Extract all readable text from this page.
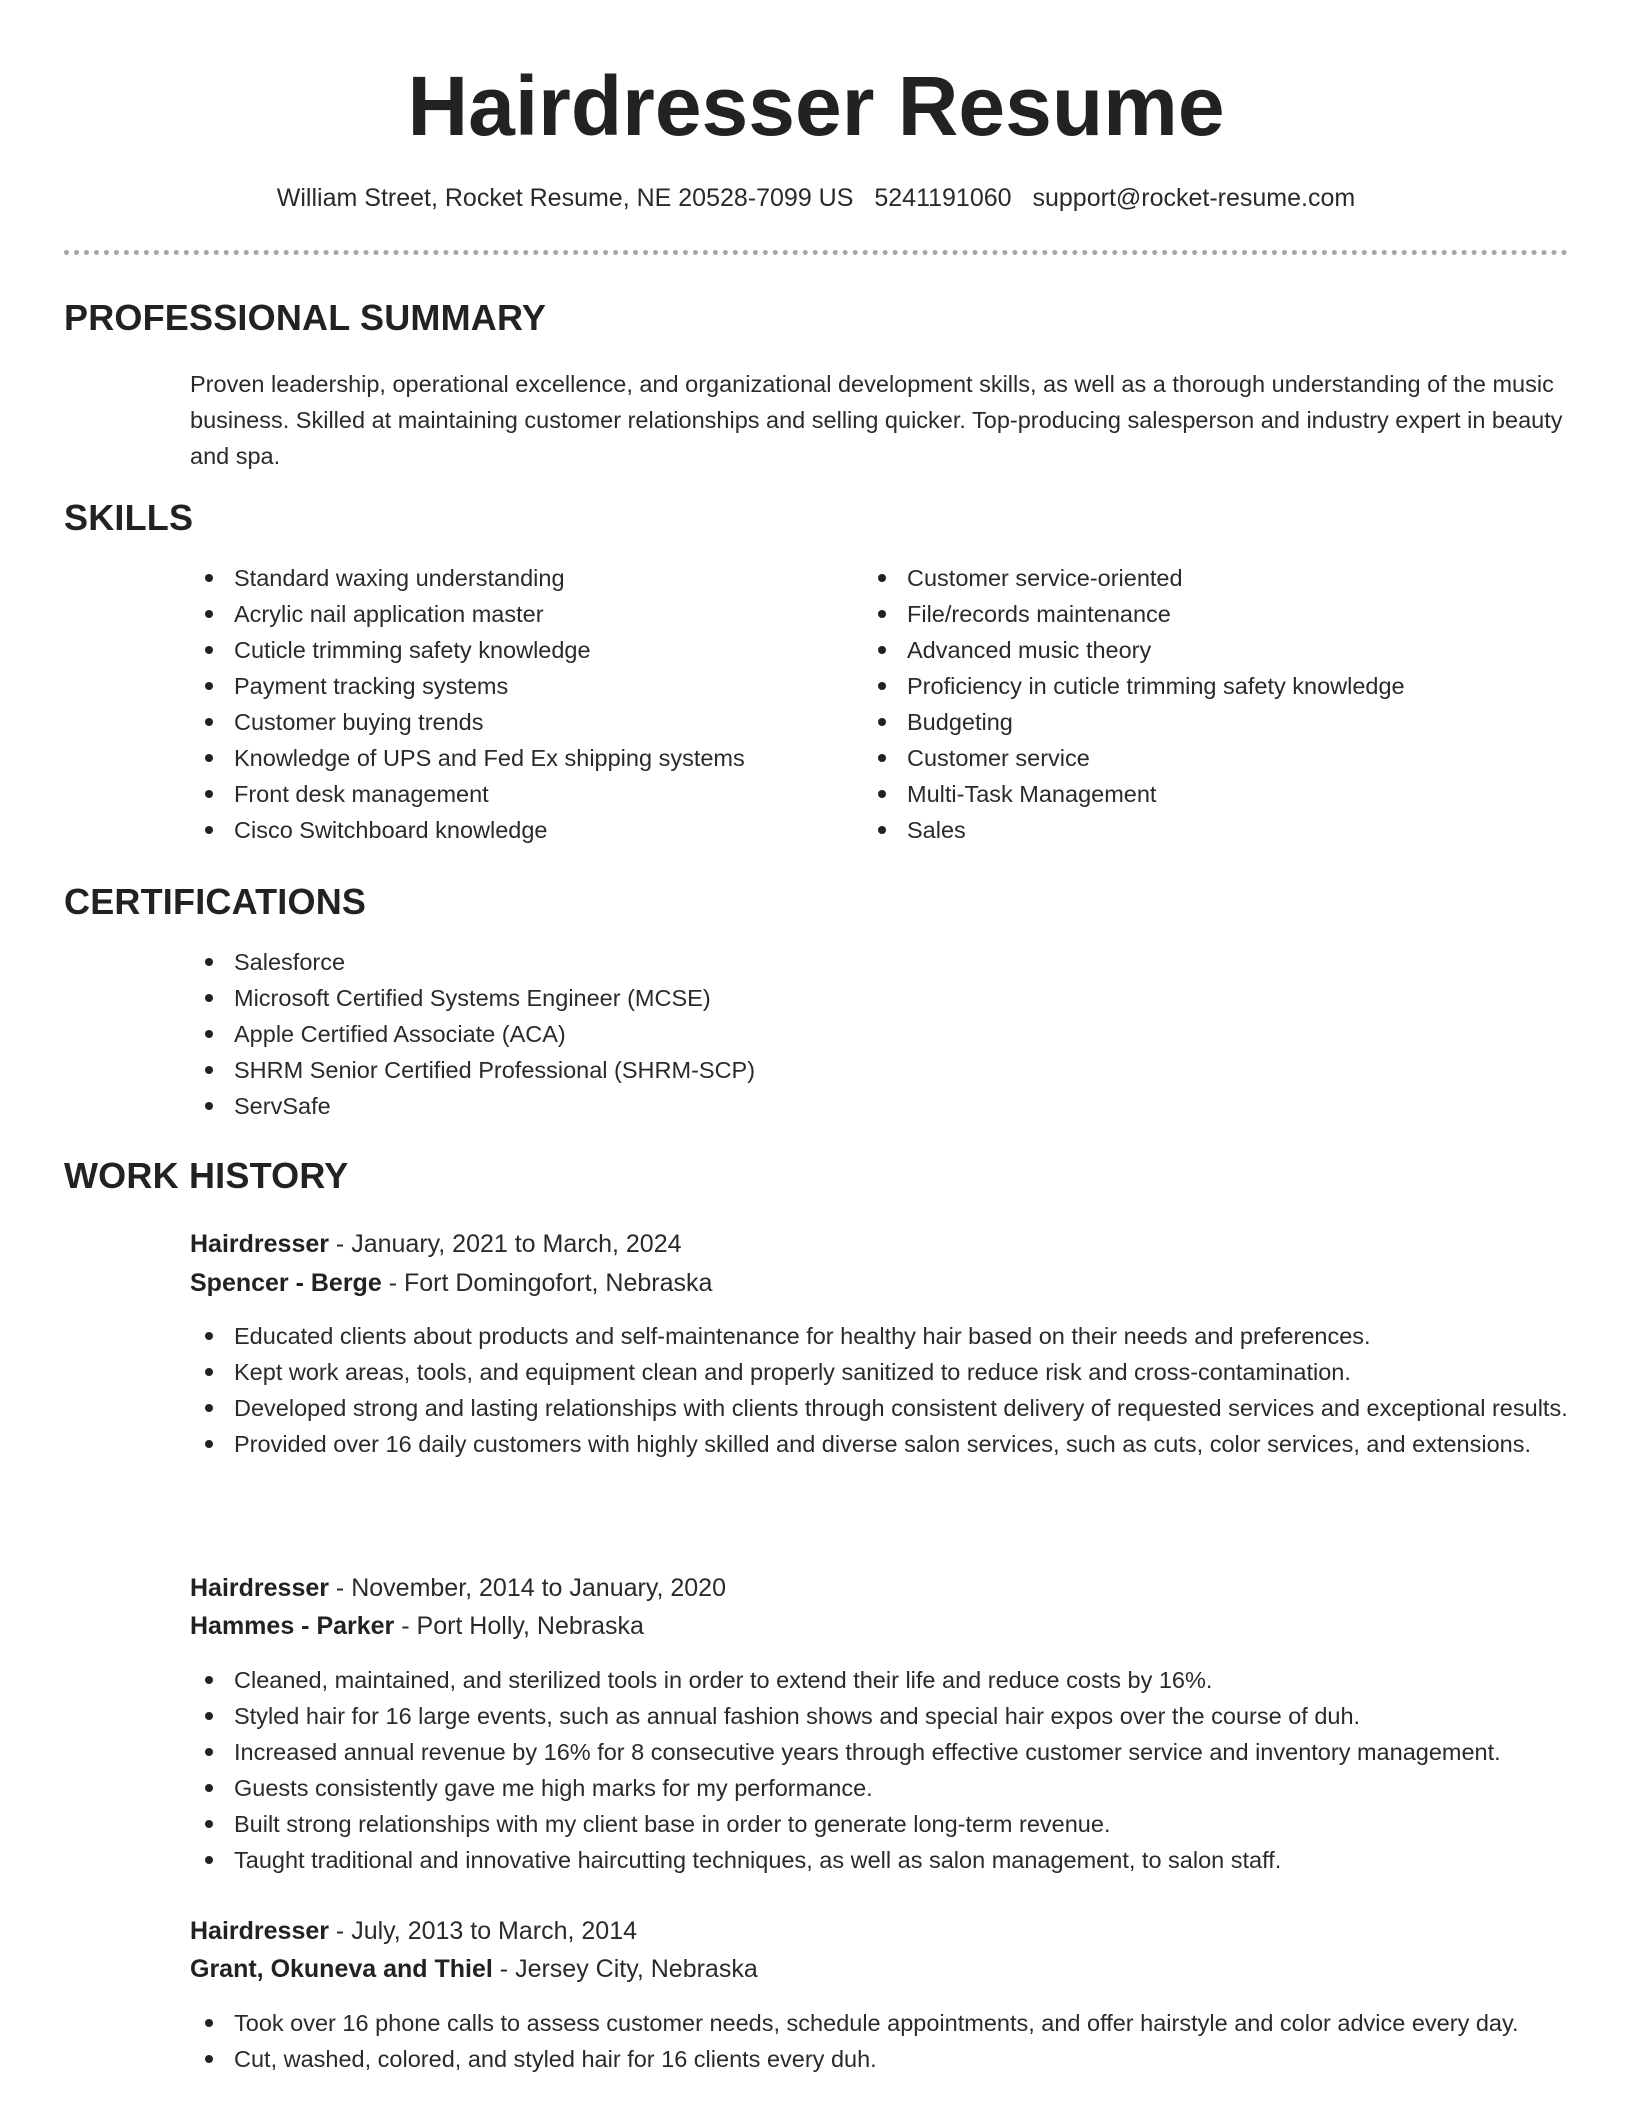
Hairdresser Resume
William Street, Rocket Resume, NE 20528-7099 US 5241191060 support@rocket-resume.com
PROFESSIONAL SUMMARY

Proven leadership, operational excellence, and organizational development skills, as well as a thorough understanding of the music business. Skilled at maintaining customer relationships and selling quicker. Top-producing salesperson and industry expert in beauty and spa.

SKILLS
Standard waxing understanding
Acrylic nail application master
Cuticle trimming safety knowledge
Payment tracking systems
Customer buying trends
Knowledge of UPS and Fed Ex shipping systems
Front desk management
Cisco Switchboard knowledge
Customer service-oriented
File/records maintenance
Advanced music theory
Proficiency in cuticle trimming safety knowledge
Budgeting
Customer service
Multi-Task Management
Sales
CERTIFICATIONS
Salesforce
Microsoft Certified Systems Engineer (MCSE)
Apple Certified Associate (ACA)
SHRM Senior Certified Professional (SHRM-SCP)
ServSafe
WORK HISTORY
Hairdresser - January, 2021 to March, 2024
Spencer - Berge - Fort Domingofort, Nebraska
Educated clients about products and self-maintenance for healthy hair based on their needs and preferences.
Kept work areas, tools, and equipment clean and properly sanitized to reduce risk and cross-contamination.
Developed strong and lasting relationships with clients through consistent delivery of requested services and exceptional results.
Provided over 16 daily customers with highly skilled and diverse salon services, such as cuts, color services, and extensions.
Hairdresser - November, 2014 to January, 2020
Hammes - Parker - Port Holly, Nebraska
Cleaned, maintained, and sterilized tools in order to extend their life and reduce costs by 16%.
Styled hair for 16 large events, such as annual fashion shows and special hair expos over the course of duh.
Increased annual revenue by 16% for 8 consecutive years through effective customer service and inventory management.
Guests consistently gave me high marks for my performance.
Built strong relationships with my client base in order to generate long-term revenue.
Taught traditional and innovative haircutting techniques, as well as salon management, to salon staff.
Hairdresser - July, 2013 to March, 2014
Grant, Okuneva and Thiel - Jersey City, Nebraska
Took over 16 phone calls to assess customer needs, schedule appointments, and offer hairstyle and color advice every day.
Cut, washed, colored, and styled hair for 16 clients every duh.
